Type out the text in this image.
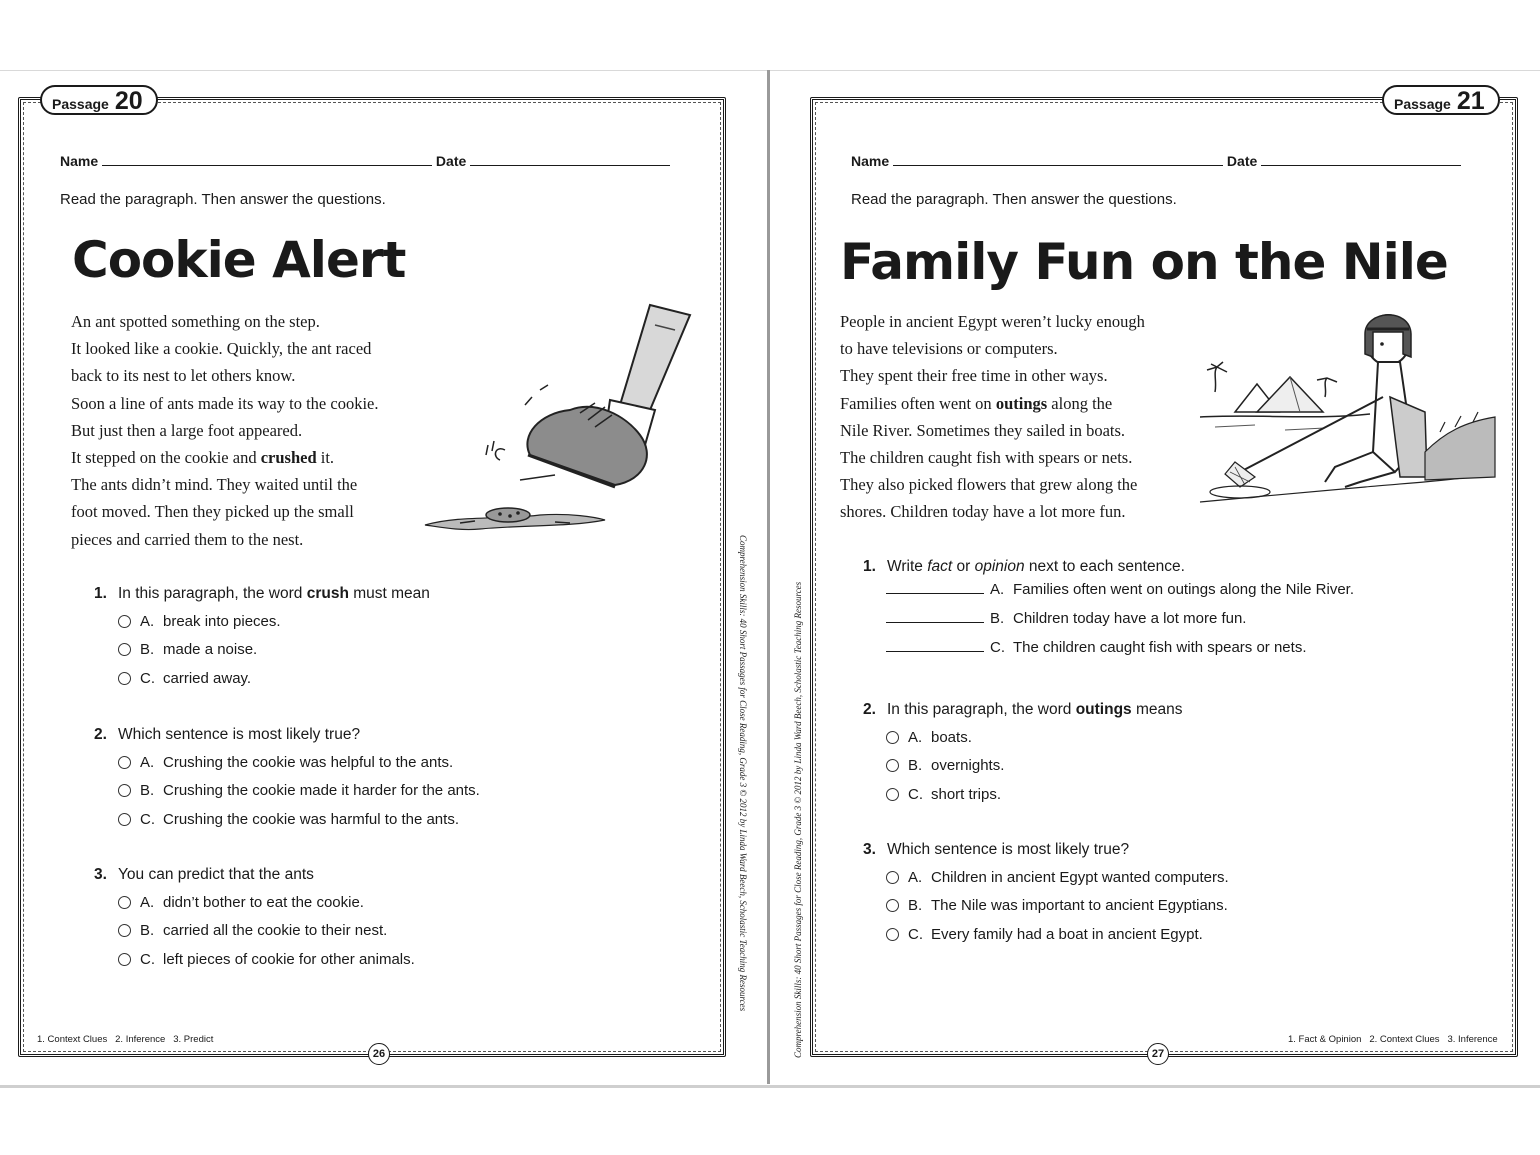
Passage 20
Name	Date
Read the paragraph. Then answer the questions.
Cookie Alert
An ant spotted something on the step.
It looked like a cookie. Quickly, the ant raced
back to its nest to let others know.
Soon a line of ants made its way to the cookie.
But just then a large foot appeared.
It stepped on the cookie and crushed it.
The ants didn’t mind. They waited until the
foot moved. Then they picked up the small
pieces and carried them to the nest.
1. In this paragraph, the word crush must mean
A. break into pieces.
B. made a noise.
C. carried away.
2. Which sentence is most likely true?
A. Crushing the cookie was helpful to the ants.
B. Crushing the cookie made it harder for the ants.
C. Crushing the cookie was harmful to the ants.
3. You can predict that the ants
A. didn’t bother to eat the cookie.
B. carried all the cookie to their nest.
C. left pieces of cookie for other animals.
1. Context Clues   2. Inference   3. Predict
26
Comprehension Skills: 40 Short Passages for Close Reading, Grade 3 © 2012 by Linda Ward Beech, Scholastic Teaching Resources
Passage 21
Name	Date
Read the paragraph. Then answer the questions.
Family Fun on the Nile
People in ancient Egypt weren’t lucky enough
to have televisions or computers.
They spent their free time in other ways.
Families often went on outings along the
Nile River. Sometimes they sailed in boats.
The children caught fish with spears or nets.
They also picked flowers that grew along the
shores. Children today have a lot more fun.
1. Write fact or opinion next to each sentence.
A. Families often went on outings along the Nile River.
B. Children today have a lot more fun.
C. The children caught fish with spears or nets.
2. In this paragraph, the word outings means
A. boats.
B. overnights.
C. short trips.
3. Which sentence is most likely true?
A. Children in ancient Egypt wanted computers.
B. The Nile was important to ancient Egyptians.
C. Every family had a boat in ancient Egypt.
1. Fact & Opinion   2. Context Clues   3. Inference
27
Comprehension Skills: 40 Short Passages for Close Reading, Grade 3 © 2012 by Linda Ward Beech, Scholastic Teaching Resources
